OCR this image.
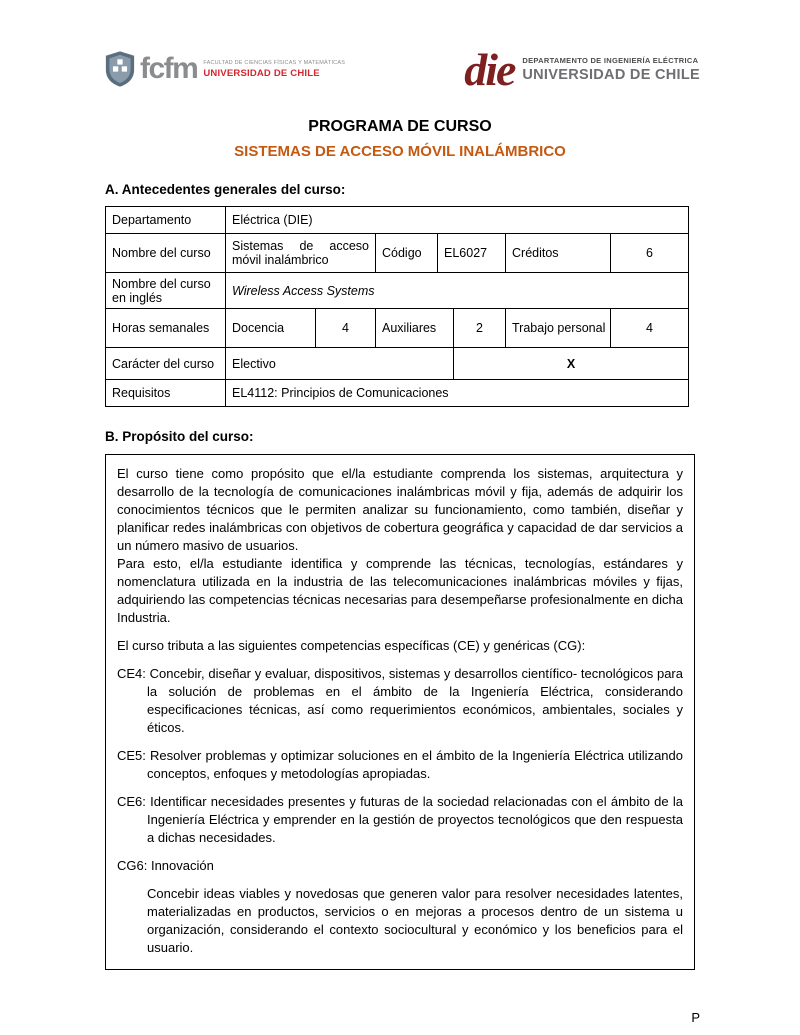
fcfm FACULTAD DE CIENCIAS FÍSICAS Y MATEMÁTICAS
UNIVERSIDAD DE CHILE	die DEPARTAMENTO DE INGENIERÍA ELÉCTRICA
UNIVERSIDAD DE CHILE
PROGRAMA DE CURSO
SISTEMAS DE ACCESO MÓVIL INALÁMBRICO
A. Antecedentes generales del curso:
Departamento	Eléctrica (DIE)						
Nombre del curso	Sistemas de acceso móvil inalámbrico		Código	EL6027		Créditos	6
Nombre del curso en inglés	Wireless Access Systems						
Horas semanales	Docencia	4	Auxiliares		2	Trabajo personal	4
Carácter del curso	Electivo				X		
Requisitos	EL4112: Principios de Comunicaciones						
B. Propósito del curso:

El curso tiene como propósito que el/la estudiante comprenda los sistemas, arquitectura y desarrollo de la tecnología de comunicaciones inalámbricas móvil y fija, además de adquirir los conocimientos técnicos que le permiten analizar su funcionamiento, como también, diseñar y planificar redes inalámbricas con objetivos de cobertura geográfica y capacidad de dar servicios a un número masivo de usuarios.

Para esto, el/la estudiante identifica y comprende las técnicas, tecnologías, estándares y nomenclatura utilizada en la industria de las telecomunicaciones inalámbricas móviles y fijas, adquiriendo las competencias técnicas necesarias para desempeñarse profesionalmente en dicha Industria.

El curso tributa a las siguientes competencias específicas (CE) y genéricas (CG):

CE4: Concebir, diseñar y evaluar, dispositivos, sistemas y desarrollos científico- tecnológicos para la solución de problemas en el ámbito de la Ingeniería Eléctrica, considerando especificaciones técnicas, así como requerimientos económicos, ambientales, sociales y éticos.

CE5: Resolver problemas y optimizar soluciones en el ámbito de la Ingeniería Eléctrica utilizando conceptos, enfoques y metodologías apropiadas.

CE6: Identificar necesidades presentes y futuras de la sociedad relacionadas con el ámbito de la Ingeniería Eléctrica y emprender en la gestión de proyectos tecnológicos que den respuesta a dichas necesidades.

CG6: Innovación

Concebir ideas viables y novedosas que generen valor para resolver necesidades latentes, materializadas en productos, servicios o en mejoras a procesos dentro de un sistema u organización, considerando el contexto sociocultural y económico y los beneficios para el usuario.

P
